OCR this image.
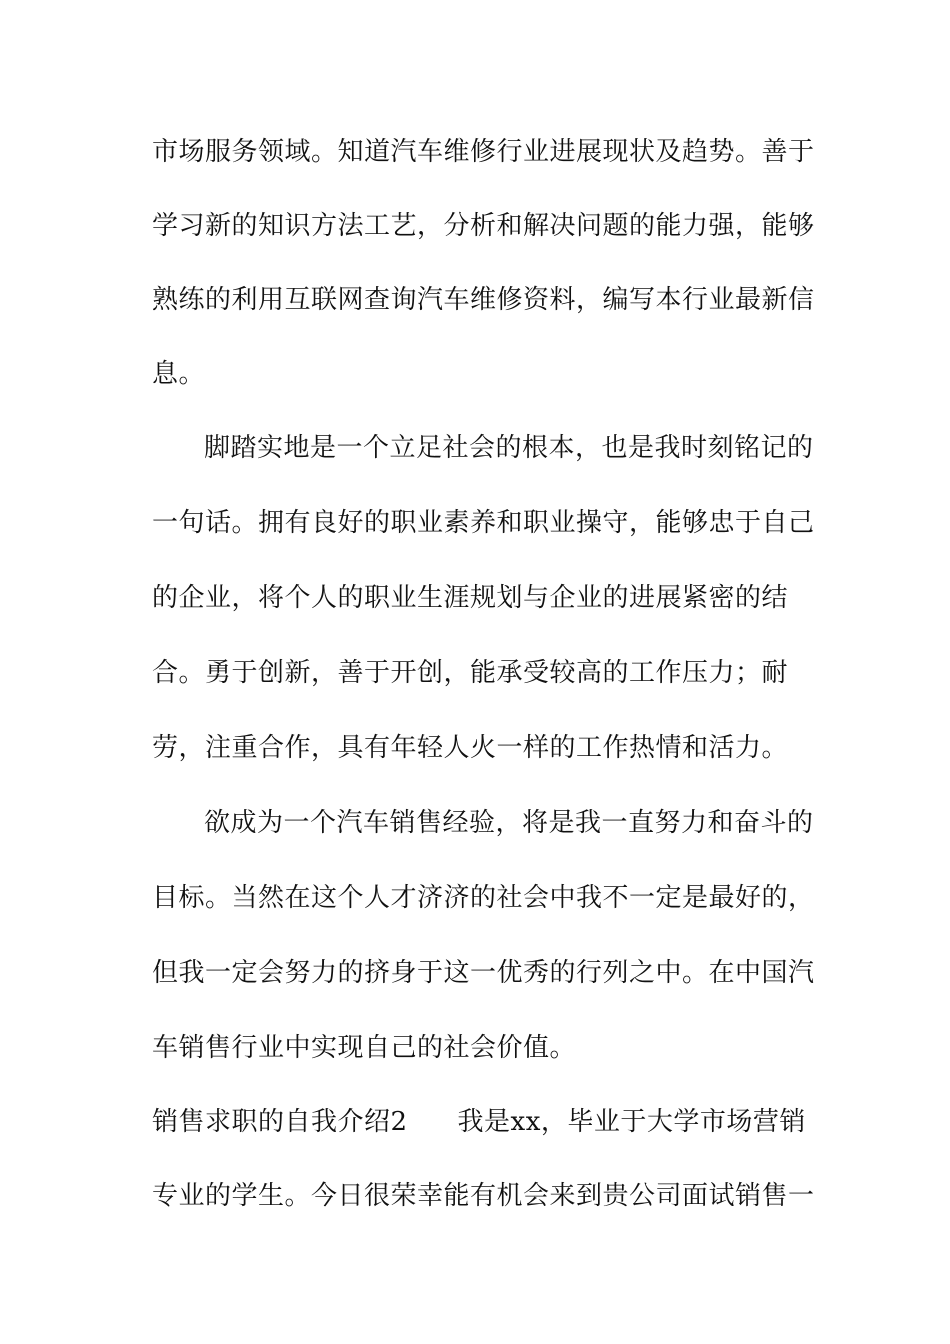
市场服务领域。知道汽车维修行业进展现状及趋势。善于
学习新的知识方法工艺，分析和解决问题的能力强，能够
熟练的利用互联网查询汽车维修资料，编写本行业最新信
息。
脚踏实地是一个立足社会的根本，也是我时刻铭记的
一句话。拥有良好的职业素养和职业操守，能够忠于自己
的企业，将个人的职业生涯规划与企业的进展紧密的结
合。勇于创新，善于开创，能承受较高的工作压力；耐
劳，注重合作，具有年轻人火一样的工作热情和活力。
欲成为一个汽车销售经验，将是我一直努力和奋斗的
目标。当然在这个人才济济的社会中我不一定是最好的，
但我一定会努力的挤身于这一优秀的行列之中。在中国汽
车销售行业中实现自己的社会价值。
销售求职的自我介绍2 我是xx，毕业于大学市场营销
专业的学生。今日很荣幸能有机会来到贵公司面试销售一
